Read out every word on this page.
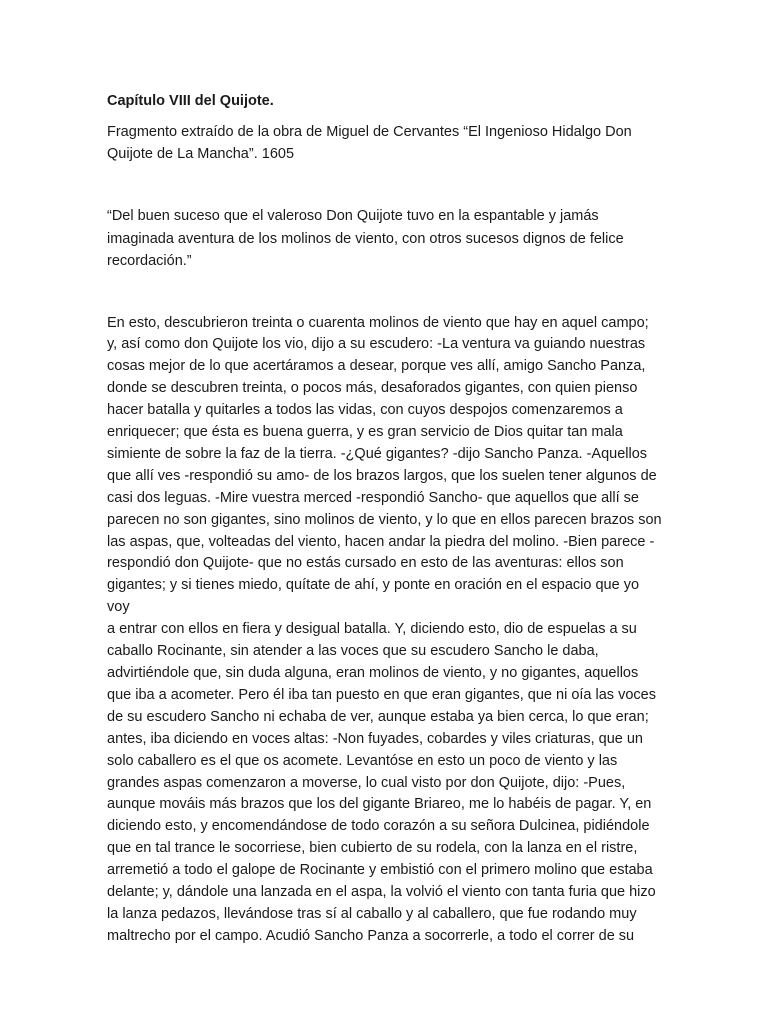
Capítulo VIII del Quijote.

Fragmento extraído de la obra de Miguel de Cervantes “El Ingenioso Hidalgo Don Quijote de La Mancha”. 1605

“Del buen suceso que el valeroso Don Quijote tuvo en la espantable y jamás imaginada aventura de los molinos de viento, con otros sucesos dignos de felice recordación.”

En esto, descubrieron treinta o cuarenta molinos de viento que hay en aquel campo;
y, así como don Quijote los vio, dijo a su escudero: -La ventura va guiando nuestras
cosas mejor de lo que acertáramos a desear, porque ves allí, amigo Sancho Panza,
donde se descubren treinta, o pocos más, desaforados gigantes, con quien pienso
hacer batalla y quitarles a todos las vidas, con cuyos despojos comenzaremos a
enriquecer; que ésta es buena guerra, y es gran servicio de Dios quitar tan mala
simiente de sobre la faz de la tierra. -¿Qué gigantes? -dijo Sancho Panza. -Aquellos
que allí ves -respondió su amo- de los brazos largos, que los suelen tener algunos de
casi dos leguas. -Mire vuestra merced -respondió Sancho- que aquellos que allí se
parecen no son gigantes, sino molinos de viento, y lo que en ellos parecen brazos son
las aspas, que, volteadas del viento, hacen andar la piedra del molino. -Bien parece -
respondió don Quijote- que no estás cursado en esto de las aventuras: ellos son
gigantes; y si tienes miedo, quítate de ahí, y ponte en oración en el espacio que yo voy
a entrar con ellos en fiera y desigual batalla. Y, diciendo esto, dio de espuelas a su
caballo Rocinante, sin atender a las voces que su escudero Sancho le daba,
advirtiéndole que, sin duda alguna, eran molinos de viento, y no gigantes, aquellos
que iba a acometer. Pero él iba tan puesto en que eran gigantes, que ni oía las voces
de su escudero Sancho ni echaba de ver, aunque estaba ya bien cerca, lo que eran;
antes, iba diciendo en voces altas: -Non fuyades, cobardes y viles criaturas, que un
solo caballero es el que os acomete. Levantóse en esto un poco de viento y las
grandes aspas comenzaron a moverse, lo cual visto por don Quijote, dijo: -Pues,
aunque mováis más brazos que los del gigante Briareo, me lo habéis de pagar. Y, en
diciendo esto, y encomendándose de todo corazón a su señora Dulcinea, pidiéndole
que en tal trance le socorriese, bien cubierto de su rodela, con la lanza en el ristre,
arremetió a todo el galope de Rocinante y embistió con el primero molino que estaba
delante; y, dándole una lanzada en el aspa, la volvió el viento con tanta furia que hizo
la lanza pedazos, llevándose tras sí al caballo y al caballero, que fue rodando muy
maltrecho por el campo. Acudió Sancho Panza a socorrerle, a todo el correr de su
